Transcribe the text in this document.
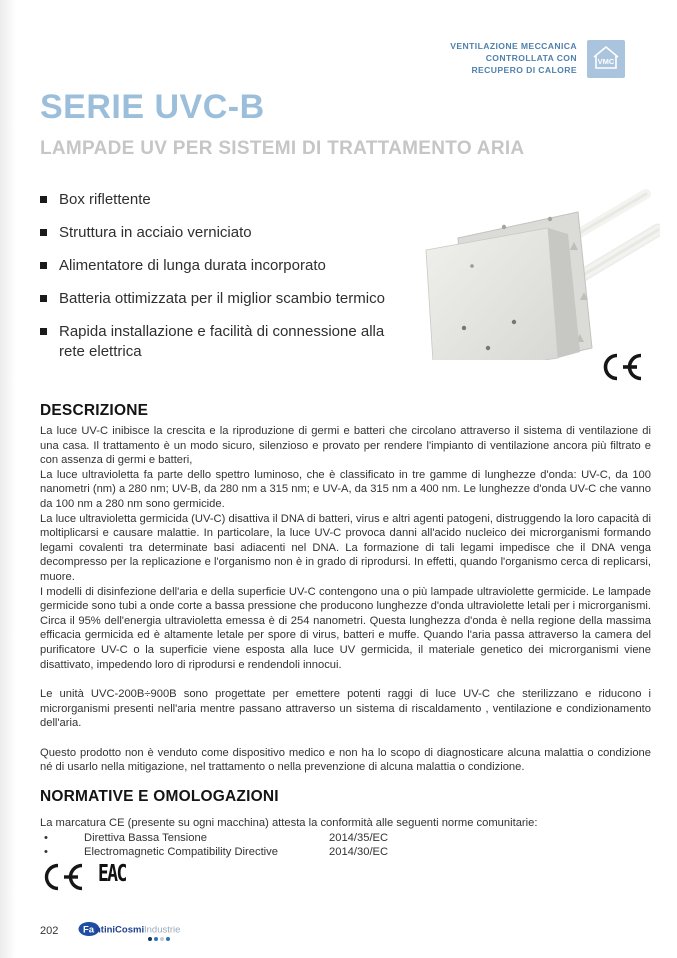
VENTILAZIONE MECCANICA
CONTROLLATA CON
RECUPERO DI CALORE
VMC
SERIE UVC-B
LAMPADE UV PER SISTEMI DI TRATTAMENTO ARIA
Box riflettente
Struttura in acciaio verniciato
Alimentatore di lunga durata incorporato
Batteria ottimizzata per il miglior scambio termico
Rapida installazione e facilità di connessione alla rete elettrica
DESCRIZIONE

La luce UV-C inibisce la crescita e la riproduzione di germi e batteri che circolano attraverso il sistema di ventilazione di una casa. Il trattamento è un modo sicuro, silenzioso e provato per rendere l'impianto di ventilazione ancora più filtrato e con assenza di germi e batteri,

La luce ultravioletta fa parte dello spettro luminoso, che è classificato in tre gamme di lunghezze d'onda: UV-C, da 100 nanometri (nm) a 280 nm; UV-B, da 280 nm a 315 nm; e UV-A, da 315 nm a 400 nm. Le lunghezze d'onda UV-C che vanno da 100 nm a 280 nm sono germicide.

La luce ultravioletta germicida (UV-C) disattiva il DNA di batteri, virus e altri agenti patogeni, distruggendo la loro capacità di moltiplicarsi e causare malattie. In particolare, la luce UV-C provoca danni all'acido nucleico dei microrganismi formando legami covalenti tra determinate basi adiacenti nel DNA. La formazione di tali legami impedisce che il DNA venga decompresso per la replicazione e l'organismo non è in grado di riprodursi. In effetti, quando l'organismo cerca di replicarsi, muore.

I modelli di disinfezione dell'aria e della superficie UV-C contengono una o più lampade ultraviolette germicide. Le lampade germicide sono tubi a onde corte a bassa pressione che producono lunghezze d'onda ultraviolette letali per i microrganismi. Circa il 95% dell'energia ultravioletta emessa è di 254 nanometri. Questa lunghezza d'onda è nella regione della massima efficacia germicida ed è altamente letale per spore di virus, batteri e muffe. Quando l'aria passa attraverso la camera del purificatore UV-C o la superficie viene esposta alla luce UV germicida, il materiale genetico dei microrganismi viene disattivato, impedendo loro di riprodursi e rendendoli innocui.

Le unità UVC-200B÷900B sono progettate per emettere potenti raggi di luce UV-C che sterilizzano e riducono i microrganismi presenti nell'aria mentre passano attraverso un sistema di riscaldamento , ventilazione e condizionamento dell'aria.

Questo prodotto non è venduto come dispositivo medico e non ha lo scopo di diagnosticare alcuna malattia o condizione né di usarlo nella mitigazione, nel trattamento o nella prevenzione di alcuna malattia o condizione.

NORMATIVE E OMOLOGAZIONI
La marcatura CE (presente su ogni macchina) attesta la conformità alle seguenti norme comunitarie:
•	Direttiva Bassa Tensione	2014/35/EC
•	Electromagnetic Compatibility Directive	2014/30/EC
EAC
202	Fa ntiniCosmi Industrie
